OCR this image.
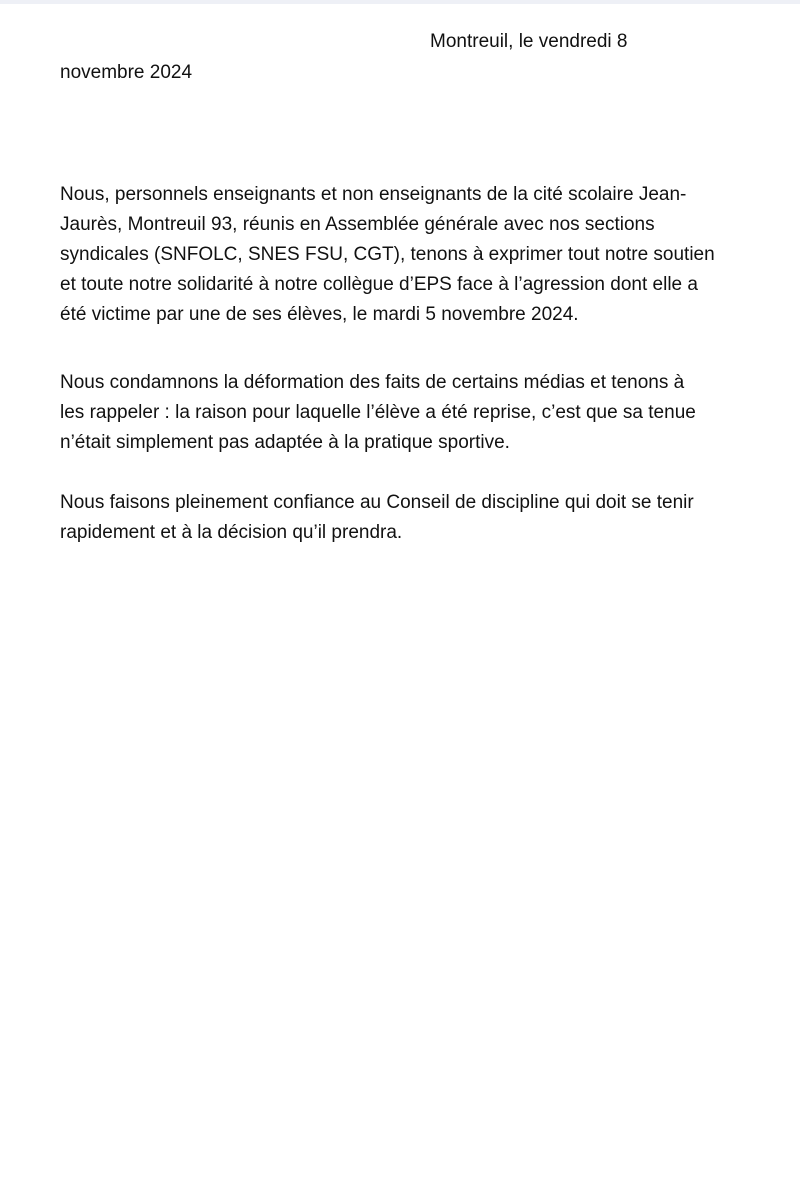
Montreuil, le vendredi 8
novembre 2024
Nous, personnels enseignants et non enseignants de la cité scolaire Jean-
Jaurès, Montreuil 93, réunis en Assemblée générale avec nos sections
syndicales (SNFOLC, SNES FSU, CGT), tenons à exprimer tout notre soutien
et toute notre solidarité à notre collègue d’EPS face à l’agression dont elle a
été victime par une de ses élèves, le mardi 5 novembre 2024.
Nous condamnons la déformation des faits de certains médias et tenons à
les rappeler : la raison pour laquelle l’élève a été reprise, c’est que sa tenue
n’était simplement pas adaptée à la pratique sportive.
Nous faisons pleinement confiance au Conseil de discipline qui doit se tenir
rapidement et à la décision qu’il prendra.
